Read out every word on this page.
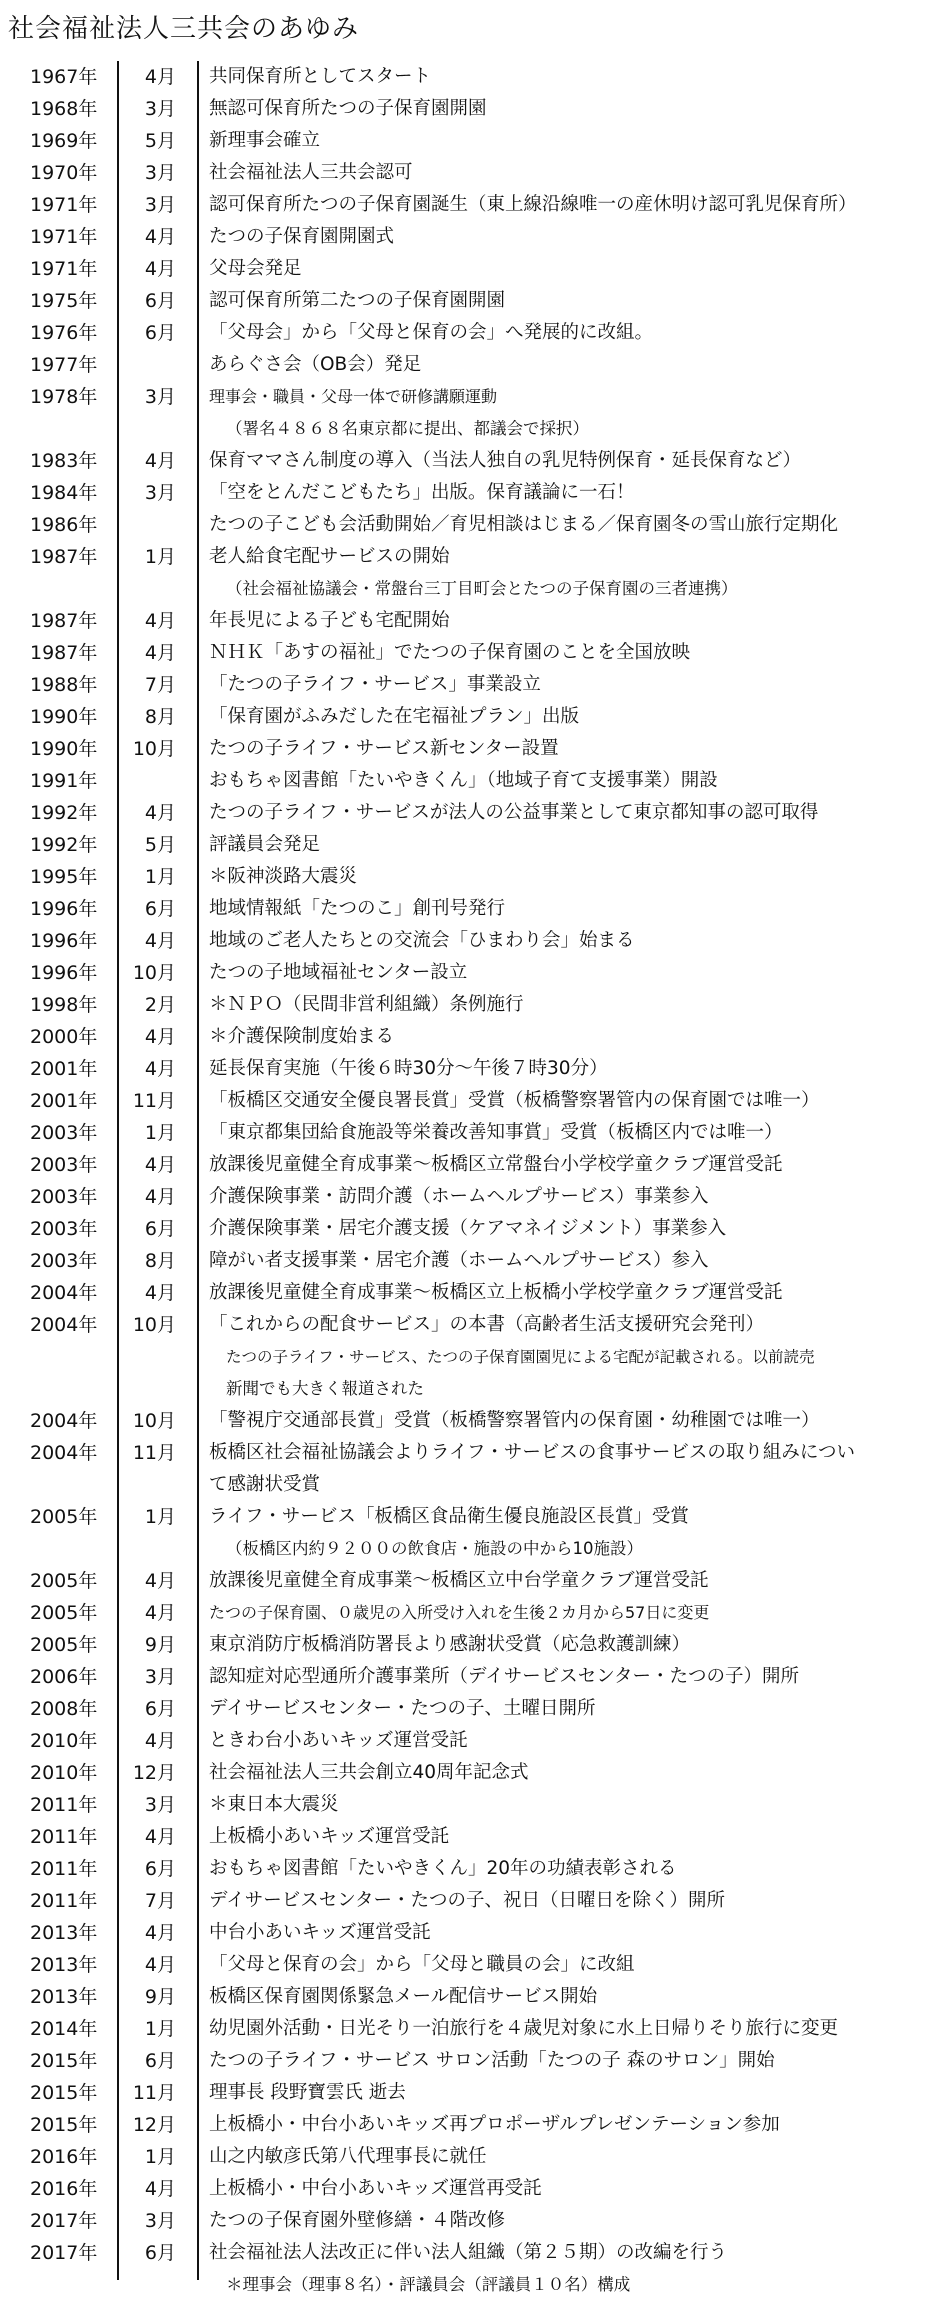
社会福祉法人三共会のあゆみ
1967年	4月 共同保育所としてスタート
1968年	3月 無認可保育所たつの子保育園開園
1969年	5月 新理事会確立
1970年	3月 社会福祉法人三共会認可
1971年	3月 認可保育所たつの子保育園誕生（東上線沿線唯一の産休明け認可乳児保育所）
1971年	4月 たつの子保育園開園式
1971年	4月 父母会発足
1975年	6月 認可保育所第二たつの子保育園開園
1976年	6月 「父母会」から「父母と保育の会」へ発展的に改組。
1977年	あらぐさ会（OB会）発足
1978年	3月 理事会・職員・父母一体で研修講願運動
（署名４８６８名東京都に提出、都議会で採択）
1983年	4月 保育ママさん制度の導入（当法人独自の乳児特例保育・延長保育など）
1984年	3月 「空をとんだこどもたち」出版。保育議論に一石！
1986年	たつの子こども会活動開始／育児相談はじまる／保育園冬の雪山旅行定期化
1987年	1月 老人給食宅配サービスの開始
（社会福祉協議会・常盤台三丁目町会とたつの子保育園の三者連携）
1987年	4月 年長児による子ども宅配開始
1987年	4月 ＮＨＫ「あすの福祉」でたつの子保育園のことを全国放映
1988年	7月 「たつの子ライフ・サービス」事業設立
1990年	8月 「保育園がふみだした在宅福祉プラン」出版
1990年	10月 たつの子ライフ・サービス新センター設置
1991年	おもちゃ図書館「たいやきくん」（地域子育て支援事業）開設
1992年	4月 たつの子ライフ・サービスが法人の公益事業として東京都知事の認可取得
1992年	5月 評議員会発足
1995年	1月 ＊阪神淡路大震災
1996年	6月 地域情報紙「たつのこ」創刊号発行
1996年	4月 地域のご老人たちとの交流会「ひまわり会」始まる
1996年	10月 たつの子地域福祉センター設立
1998年	2月 ＊ＮＰＯ（民間非営利組織）条例施行
2000年	4月 ＊介護保険制度始まる
2001年	4月 延長保育実施（午後６時30分〜午後７時30分）
2001年	11月 「板橋区交通安全優良署長賞」受賞（板橋警察署管内の保育園では唯一）
2003年	1月 「東京都集団給食施設等栄養改善知事賞」受賞（板橋区内では唯一）
2003年	4月 放課後児童健全育成事業〜板橋区立常盤台小学校学童クラブ運営受託
2003年	4月 介護保険事業・訪問介護（ホームヘルプサービス）事業参入
2003年	6月 介護保険事業・居宅介護支援（ケアマネイジメント）事業参入
2003年	8月 障がい者支援事業・居宅介護（ホームヘルプサービス）参入
2004年	4月 放課後児童健全育成事業〜板橋区立上板橋小学校学童クラブ運営受託
2004年	10月 「これからの配食サービス」の本書（高齢者生活支援研究会発刊）
たつの子ライフ・サービス、たつの子保育園園児による宅配が記載される。以前読売
新聞でも大きく報道された
2004年	10月 「警視庁交通部長賞」受賞（板橋警察署管内の保育園・幼稚園では唯一）
2004年	11月 板橋区社会福祉協議会よりライフ・サービスの食事サービスの取り組みについ
て感謝状受賞
2005年	1月 ライフ・サービス「板橋区食品衛生優良施設区長賞」受賞
（板橋区内約９２００の飲食店・施設の中から10施設）
2005年	4月 放課後児童健全育成事業〜板橋区立中台学童クラブ運営受託
2005年	4月 たつの子保育園、０歳児の入所受け入れを生後２カ月から57日に変更
2005年	9月 東京消防庁板橋消防署長より感謝状受賞（応急救護訓練）
2006年	3月 認知症対応型通所介護事業所（デイサービスセンター・たつの子）開所
2008年	6月 デイサービスセンター・たつの子、土曜日開所
2010年	4月 ときわ台小あいキッズ運営受託
2010年	12月 社会福祉法人三共会創立40周年記念式
2011年	3月 ＊東日本大震災
2011年	4月 上板橋小あいキッズ運営受託
2011年	6月 おもちゃ図書館「たいやきくん」20年の功績表彰される
2011年	7月 デイサービスセンター・たつの子、祝日（日曜日を除く）開所
2013年	4月 中台小あいキッズ運営受託
2013年	4月 「父母と保育の会」から「父母と職員の会」に改組
2013年	9月 板橋区保育園関係緊急メール配信サービス開始
2014年	1月 幼児園外活動・日光そり一泊旅行を４歳児対象に水上日帰りそり旅行に変更
2015年	6月 たつの子ライフ・サービス サロン活動「たつの子 森のサロン」開始
2015年	11月 理事長 段野寶雲氏 逝去
2015年	12月 上板橋小・中台小あいキッズ再プロポーザルプレゼンテーション参加
2016年	1月 山之内敏彦氏第八代理事長に就任
2016年	4月 上板橋小・中台小あいキッズ運営再受託
2017年	3月 たつの子保育園外壁修繕・４階改修
2017年	6月 社会福祉法人法改正に伴い法人組織（第２５期）の改編を行う
＊理事会（理事８名）・評議員会（評議員１０名）構成
